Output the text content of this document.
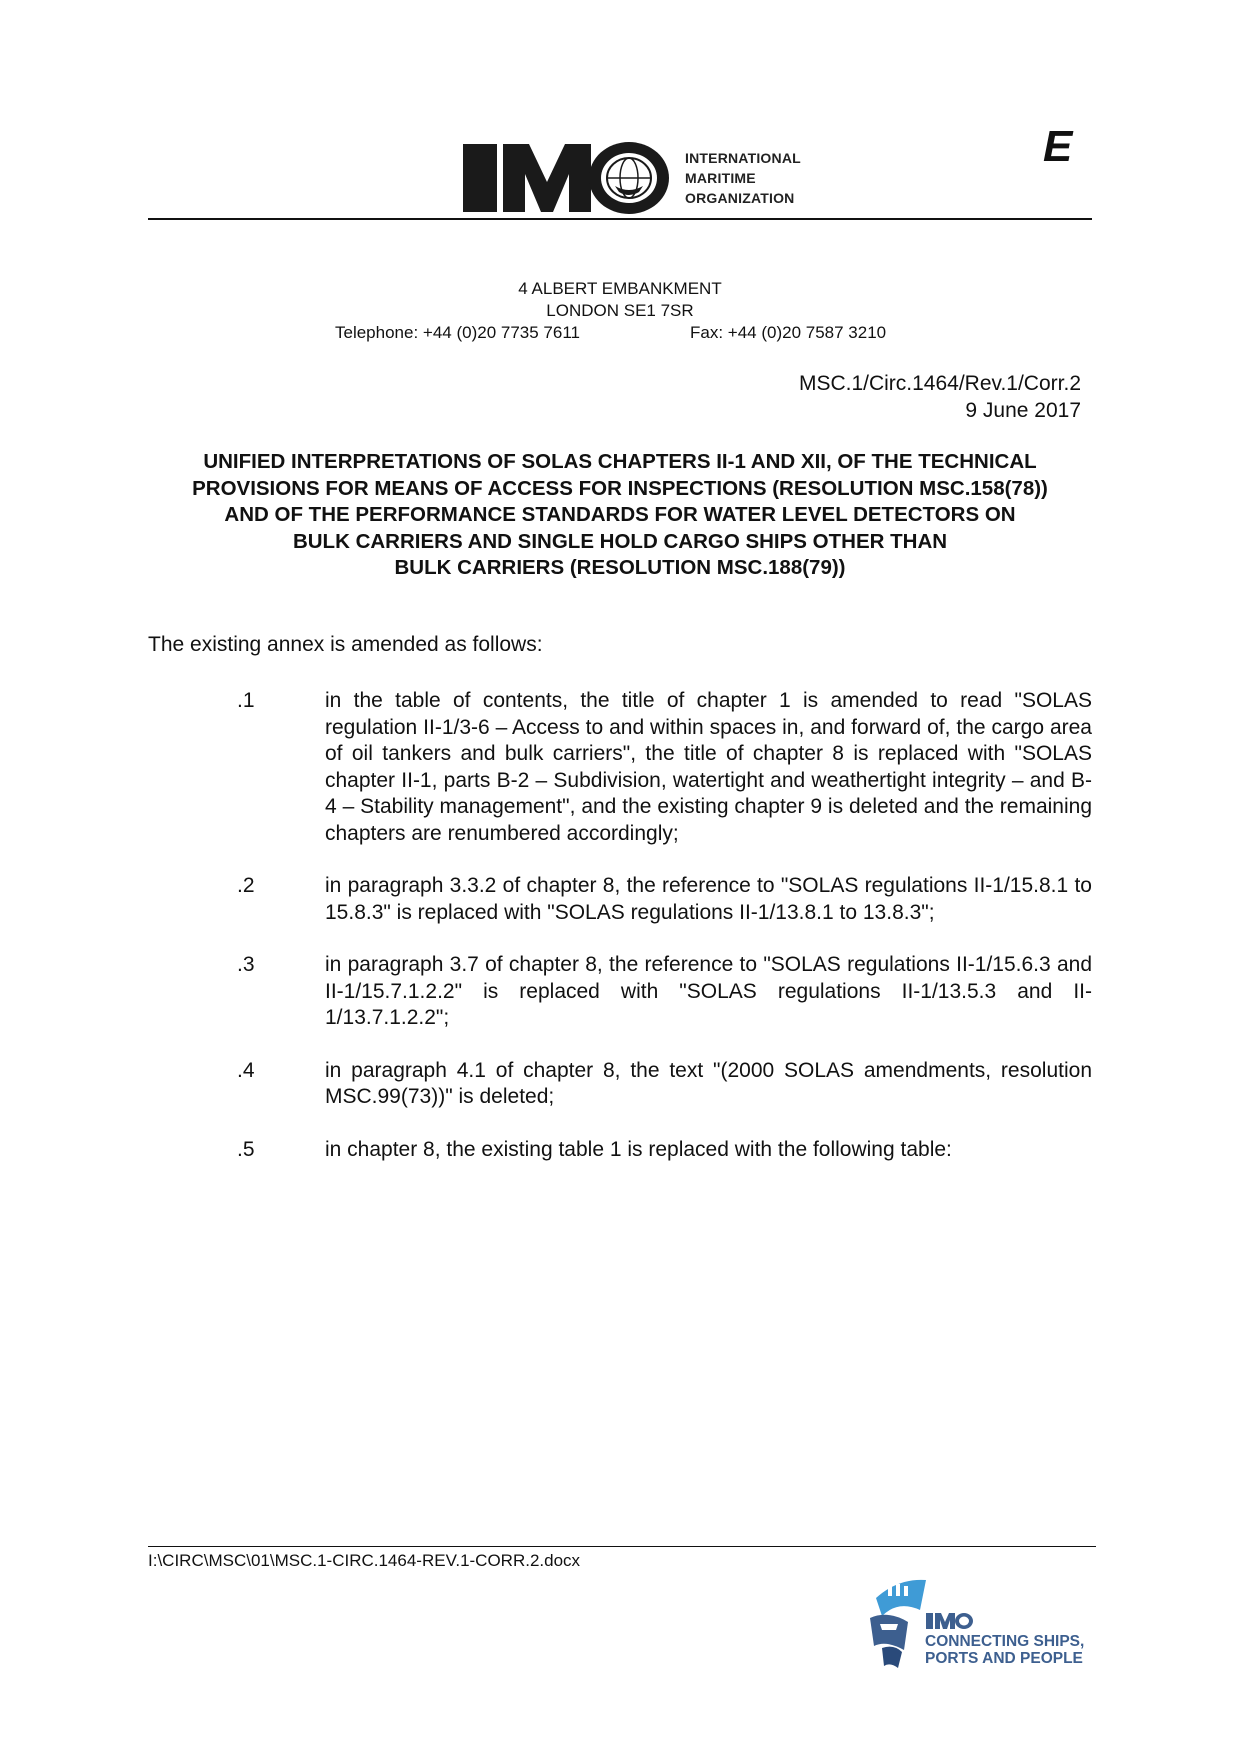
INTERNATIONAL
MARITIME
ORGANIZATION
E
4 ALBERT EMBANKMENT
LONDON SE1 7SR
Telephone: +44 (0)20 7735 7611	Fax: +44 (0)20 7587 3210
MSC.1/Circ.1464/Rev.1/Corr.2
9 June 2017
UNIFIED INTERPRETATIONS OF SOLAS CHAPTERS II-1 AND XII, OF THE TECHNICAL
PROVISIONS FOR MEANS OF ACCESS FOR INSPECTIONS (RESOLUTION MSC.158(78))
AND OF THE PERFORMANCE STANDARDS FOR WATER LEVEL DETECTORS ON
BULK CARRIERS AND SINGLE HOLD CARGO SHIPS OTHER THAN
BULK CARRIERS (RESOLUTION MSC.188(79))
The existing annex is amended as follows:
.1	in the table of contents, the title of chapter 1 is amended to read "SOLAS regulation II-1/3-6 – Access to and within spaces in, and forward of, the cargo area of oil tankers and bulk carriers", the title of chapter 8 is replaced with "SOLAS chapter II-1, parts B-2 – Subdivision, watertight and weathertight integrity – and B-4 – Stability management", and the existing chapter 9 is deleted and the remaining chapters are renumbered accordingly;
.2	in paragraph 3.3.2 of chapter 8, the reference to "SOLAS regulations II-1/15.8.1 to 15.8.3" is replaced with "SOLAS regulations II-1/13.8.1 to 13.8.3";
.3	in paragraph 3.7 of chapter 8, the reference to "SOLAS regulations II-1/15.6.3 and II-1/15.7.1.2.2" is replaced with "SOLAS regulations II-1/13.5.3 and II-1/13.7.1.2.2";
.4	in paragraph 4.1 of chapter 8, the text "(2000 SOLAS amendments, resolution MSC.99(73))" is deleted;
.5	in chapter 8, the existing table 1 is replaced with the following table:
I:\CIRC\MSC\01\MSC.1-CIRC.1464-REV.1-CORR.2.docx
CONNECTING SHIPS,
PORTS AND PEOPLE
